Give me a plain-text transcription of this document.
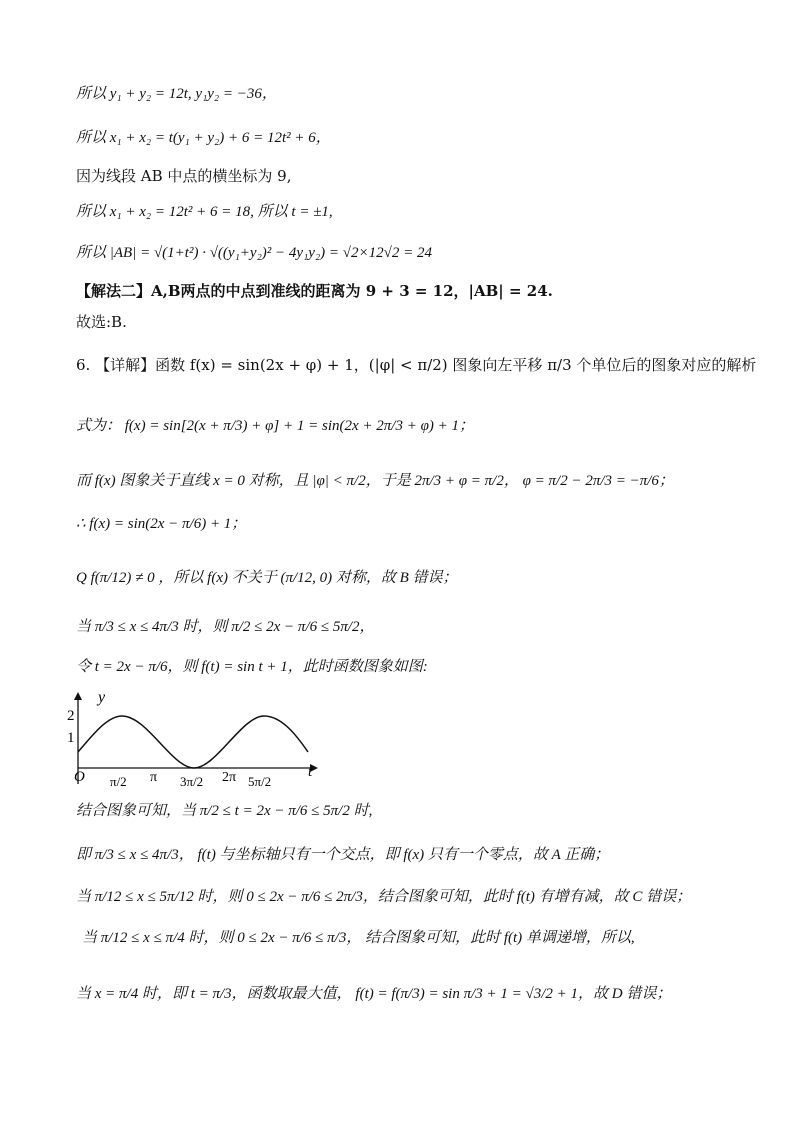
所以 y₁ + y₂ = 12t, y₁y₂ = −36，
所以 x₁ + x₂ = t(y₁ + y₂) + 6 = 12t² + 6，
因为线段 AB 中点的横坐标为 9,
所以 x₁ + x₂ = 12t² + 6 = 18, 所以 t = ±1,
所以 |AB| = √(1+t²) · √((y₁+y₂)² − 4y₁y₂) = √2×12√2 = 24
【解法二】A,B两点的中点到准线的距离为 9 + 3 = 12，|AB| = 24.
故选:B.
6. 【详解】函数 f(x) = sin(2x + φ) + 1，(|φ| < π/2) 图象向左平移 π/3 个单位后的图象对应的解析
式为： f(x) = sin[2(x + π/3) + φ] + 1 = sin(2x + 2π/3 + φ) + 1；
而 f(x) 图象关于直线 x = 0 对称，且 |φ| < π/2，于是 2π/3 + φ = π/2， φ = π/2 − 2π/3 = −π/6；
∴ f(x) = sin(2x − π/6) + 1；
Q f(π/12) ≠ 0 ，所以 f(x) 不关于 (π/12, 0) 对称，故 B 错误；
当 π/3 ≤ x ≤ 4π/3 时，则 π/2 ≤ 2x − π/6 ≤ 5π/2，
令 t = 2x − π/6，则 f(t) = sin t + 1，此时函数图象如图:
y
t
O
2
1
π/2 π 3π/2 2π 5π/2
结合图象可知，当 π/2 ≤ t = 2x − π/6 ≤ 5π/2 时,
即 π/3 ≤ x ≤ 4π/3， f(t) 与坐标轴只有一个交点，即 f(x) 只有一个零点，故 A 正确；
当 π/12 ≤ x ≤ 5π/12 时，则 0 ≤ 2x − π/6 ≤ 2π/3，结合图象可知，此时 f(t) 有增有减，故 C 错误；
当 π/12 ≤ x ≤ π/4 时，则 0 ≤ 2x − π/6 ≤ π/3， 结合图象可知，此时 f(t) 单调递增，所以,
当 x = π/4 时，即 t = π/3，函数取最大值， f(t) = f(π/3) = sin π/3 + 1 = √3/2 + 1，故 D 错误；
